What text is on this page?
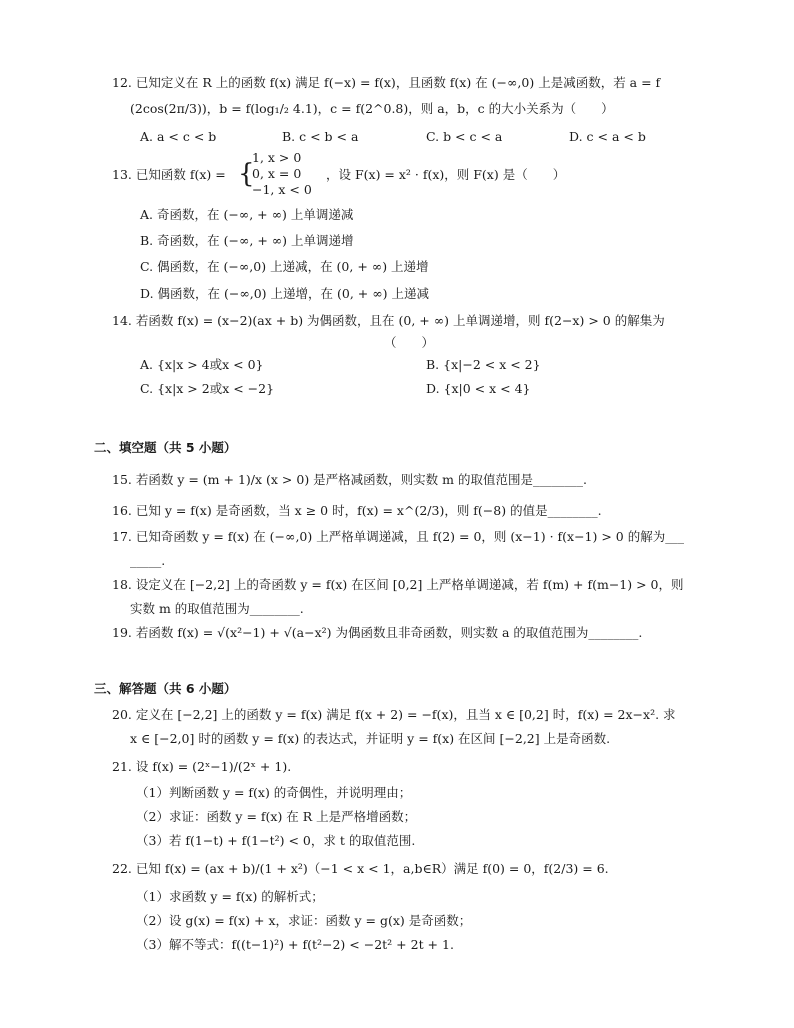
12. 已知定义在 R 上的函数 f(x) 满足 f(−x) = f(x)，且函数 f(x) 在 (−∞,0) 上是减函数，若 a = f
(2cos(2π/3))，b = f(log₁/₂ 4.1)，c = f(2^0.8)，则 a，b，c 的大小关系为（　　）
A. a < c < b	B. c < b < a	C. b < c < a	D. c < a < b
13. 已知函数 f(x) = {
1, x > 0
0, x = 0
−1, x < 0
，设 F(x) = x² · f(x)，则 F(x) 是（　　）
A. 奇函数，在 (−∞, + ∞) 上单调递减
B. 奇函数，在 (−∞, + ∞) 上单调递增
C. 偶函数，在 (−∞,0) 上递减，在 (0, + ∞) 上递增
D. 偶函数，在 (−∞,0) 上递增，在 (0, + ∞) 上递减
14. 若函数 f(x) = (x−2)(ax + b) 为偶函数，且在 (0, + ∞) 上单调递增，则 f(2−x) > 0 的解集为
（　　）
A. {x|x > 4或x < 0}	B. {x|−2 < x < 2}
C. {x|x > 2或x < −2}	D. {x|0 < x < 4}
二、填空题（共 5 小题）
15. 若函数 y = (m + 1)/x (x > 0) 是严格减函数，则实数 m 的取值范围是________.
16. 已知 y = f(x) 是奇函数，当 x ≥ 0 时，f(x) = x^(2/3)，则 f(−8) 的值是________.
17. 已知奇函数 y = f(x) 在 (−∞,0) 上严格单调递减，且 f(2) = 0，则 (x−1) · f(x−1) > 0 的解为___
_____.
18. 设定义在 [−2,2] 上的奇函数 y = f(x) 在区间 [0,2] 上严格单调递减，若 f(m) + f(m−1) > 0，则
实数 m 的取值范围为________.
19. 若函数 f(x) = √(x²−1) + √(a−x²) 为偶函数且非奇函数，则实数 a 的取值范围为________.
三、解答题（共 6 小题）
20. 定义在 [−2,2] 上的函数 y = f(x) 满足 f(x + 2) = −f(x)，且当 x ∈ [0,2] 时，f(x) = 2x−x². 求
x ∈ [−2,0] 时的函数 y = f(x) 的表达式，并证明 y = f(x) 在区间 [−2,2] 上是奇函数.
21. 设 f(x) = (2ˣ−1)/(2ˣ + 1).
（1）判断函数 y = f(x) 的奇偶性，并说明理由；
（2）求证：函数 y = f(x) 在 R 上是严格增函数；
（3）若 f(1−t) + f(1−t²) < 0，求 t 的取值范围.
22. 已知 f(x) = (ax + b)/(1 + x²)（−1 < x < 1，a,b∈R）满足 f(0) = 0，f(2/3) = 6.
（1）求函数 y = f(x) 的解析式；
（2）设 g(x) = f(x) + x，求证：函数 y = g(x) 是奇函数；
（3）解不等式：f((t−1)²) + f(t²−2) < −2t² + 2t + 1.
